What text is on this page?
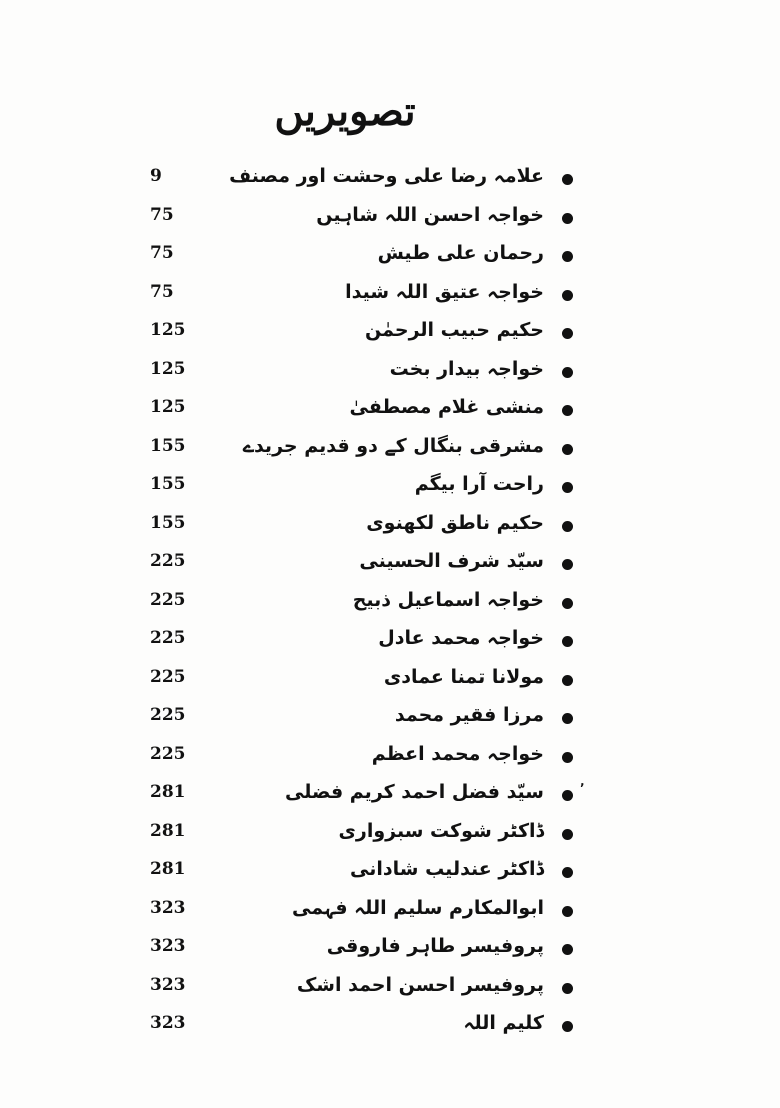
تصویریں
9	علامہ رضا علی وحشت اور مصنف
75	خواجہ احسن اللہ شاہیں
75	رحمان علی طیش
75	خواجہ عتیق اللہ شیدا
125	حکیم حبیب الرحمٰن
125	خواجہ بیدار بخت
125	منشی غلام مصطفیٰ
155	مشرقی بنگال کے دو قدیم جریدے
155	راحت آرا بیگم
155	حکیم ناطق لکھنوی
225	سیّد شرف الحسینی
225	خواجہ اسماعیل ذبیح
225	خواجہ محمد عادل
225	مولانا تمنا عمادی
225	مرزا فقیر محمد
225	خواجہ محمد اعظم
281	سیّد فضل احمد کریم فضلی	ʼ
281	ڈاکٹر شوکت سبزواری
281	ڈاکٹر عندلیب شادانی
323	ابوالمکارم سلیم اللہ فہمی
323	پروفیسر طاہر فاروقی
323	پروفیسر احسن احمد اشک
323	کلیم اللہ
